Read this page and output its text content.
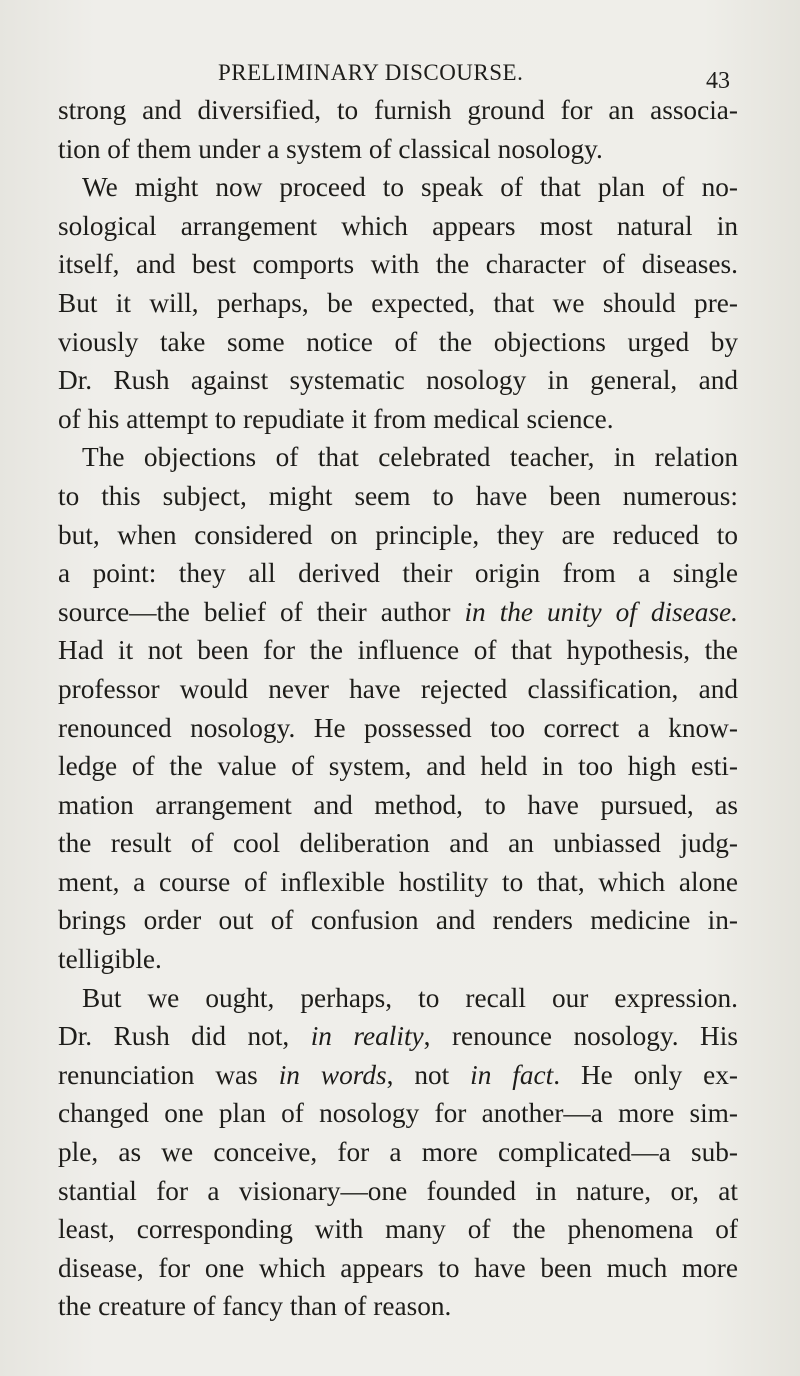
PRELIMINARY DISCOURSE.	43

strong and diversified, to furnish ground for an associa-

tion of them under a system of classical nosology.

We might now proceed to speak of that plan of no-

sological arrangement which appears most natural in

itself, and best comports with the character of diseases.

But it will, perhaps, be expected, that we should pre-

viously take some notice of the objections urged by

Dr. Rush against systematic nosology in general, and

of his attempt to repudiate it from medical science.

The objections of that celebrated teacher, in relation

to this subject, might seem to have been numerous:

but, when considered on principle, they are reduced to

a point: they all derived their origin from a single

source—the belief of their author in the unity of disease.

Had it not been for the influence of that hypothesis, the

professor would never have rejected classification, and

renounced nosology. He possessed too correct a know-

ledge of the value of system, and held in too high esti-

mation arrangement and method, to have pursued, as

the result of cool deliberation and an unbiassed judg-

ment, a course of inflexible hostility to that, which alone

brings order out of confusion and renders medicine in-

telligible.

But we ought, perhaps, to recall our expression.

Dr. Rush did not, in reality, renounce nosology. His

renunciation was in words, not in fact. He only ex-

changed one plan of nosology for another—a more sim-

ple, as we conceive, for a more complicated—a sub-

stantial for a visionary—one founded in nature, or, at

least, corresponding with many of the phenomena of

disease, for one which appears to have been much more

the creature of fancy than of reason.
